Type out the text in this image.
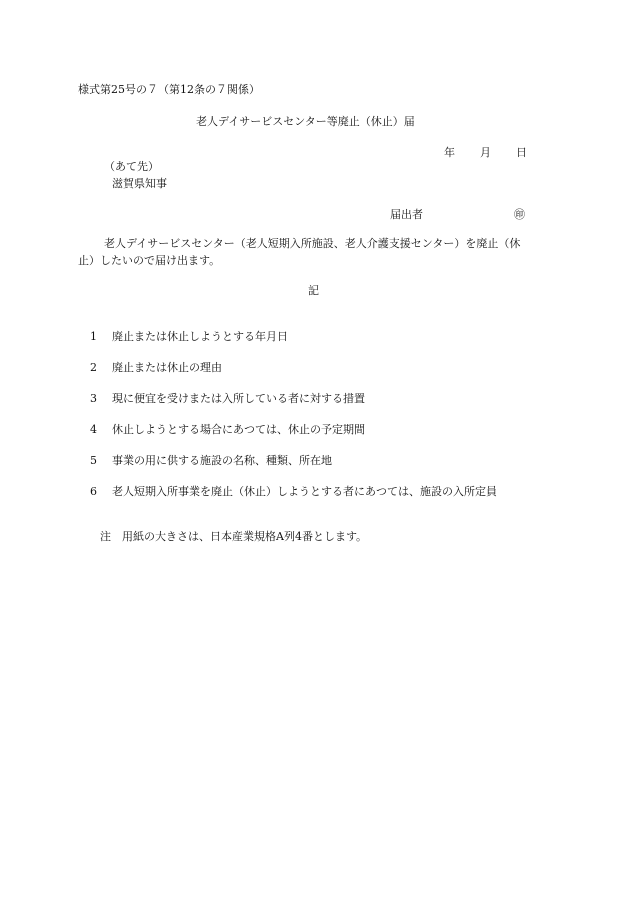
様式第25号の７（第12条の７関係）
老人デイサービスセンター等廃止（休止）届
年 月 日
（あて先）
滋賀県知事
届出者	㊞
老人デイサービスセンター（老人短期入所施設、老人介護支援センター）を廃止（休
止）したいので届け出ます。
記
1 廃止または休止しようとする年月日
2 廃止または休止の理由
3 現に便宜を受けまたは入所している者に対する措置
4 休止しようとする場合にあつては、休止の予定期間
5 事業の用に供する施設の名称、種類、所在地
6 老人短期入所事業を廃止（休止）しようとする者にあつては、施設の入所定員
注 用紙の大きさは、日本産業規格A列4番とします。
